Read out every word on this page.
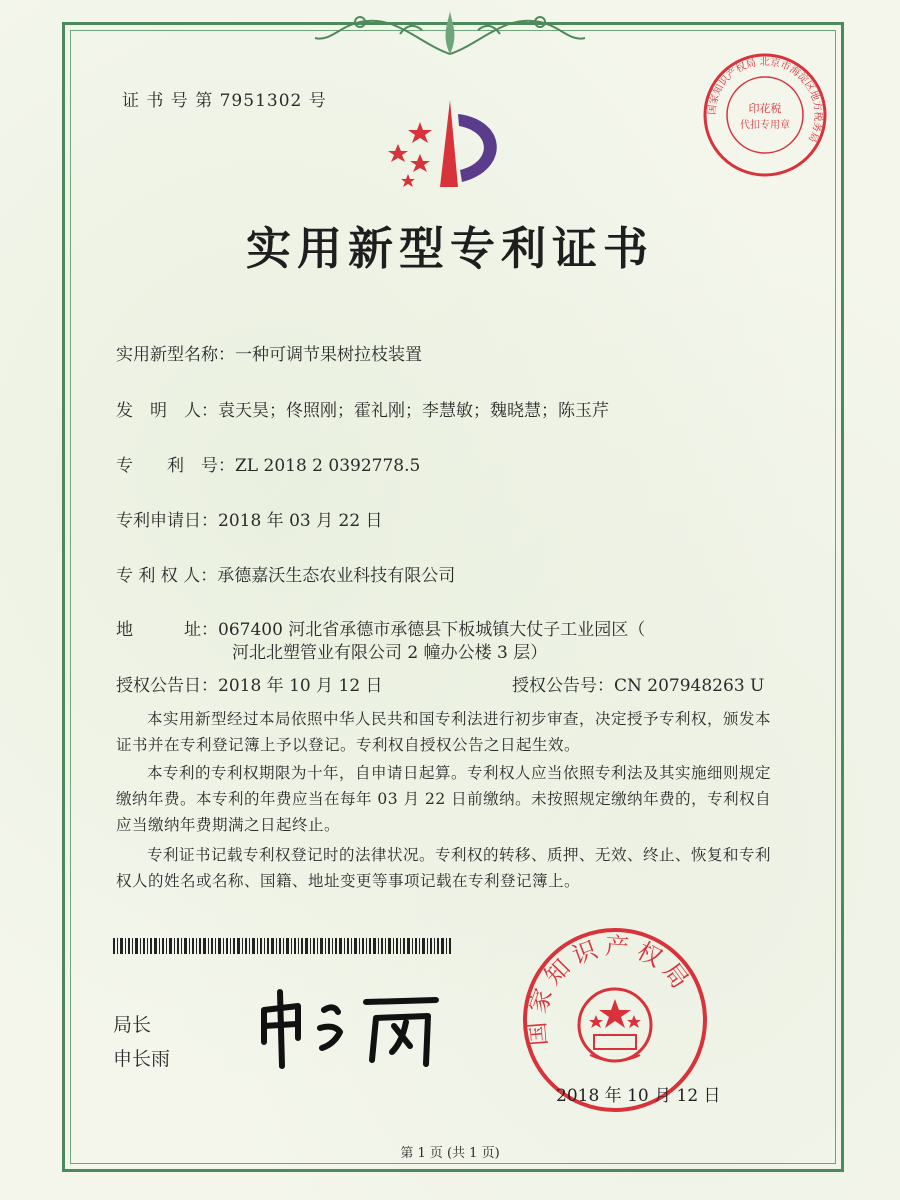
证 书 号 第 7951302 号	国家知识产权局 北京市海淀区地方税务局
印花税
代扣专用章
实用新型专利证书
实用新型名称：一种可调节果树拉枝装置
发　明　人：袁天昊；佟照刚；霍礼刚；李慧敏；魏晓慧；陈玉芹
专　　利　号：ZL 2018 2 0392778.5
专利申请日：2018 年 03 月 22 日
专 利 权 人：承德嘉沃生态农业科技有限公司
地　　　址：067400 河北省承德市承德县下板城镇大仗子工业园区（
河北北塑管业有限公司 2 幢办公楼 3 层）
授权公告日：2018 年 10 月 12 日	授权公告号：CN 207948263 U

本实用新型经过本局依照中华人民共和国专利法进行初步审查，决定授予专利权，颁发本证书并在专利登记簿上予以登记。专利权自授权公告之日起生效。

本专利的专利权期限为十年，自申请日起算。专利权人应当依照专利法及其实施细则规定缴纳年费。本专利的年费应当在每年 03 月 22 日前缴纳。未按照规定缴纳年费的，专利权自应当缴纳年费期满之日起终止。

专利证书记载专利权登记时的法律状况。专利权的转移、质押、无效、终止、恢复和专利权人的姓名或名称、国籍、地址变更等事项记载在专利登记簿上。

局长
申长雨
国家知识产权局
2018 年 10 月 12 日
第 1 页 (共 1 页)
